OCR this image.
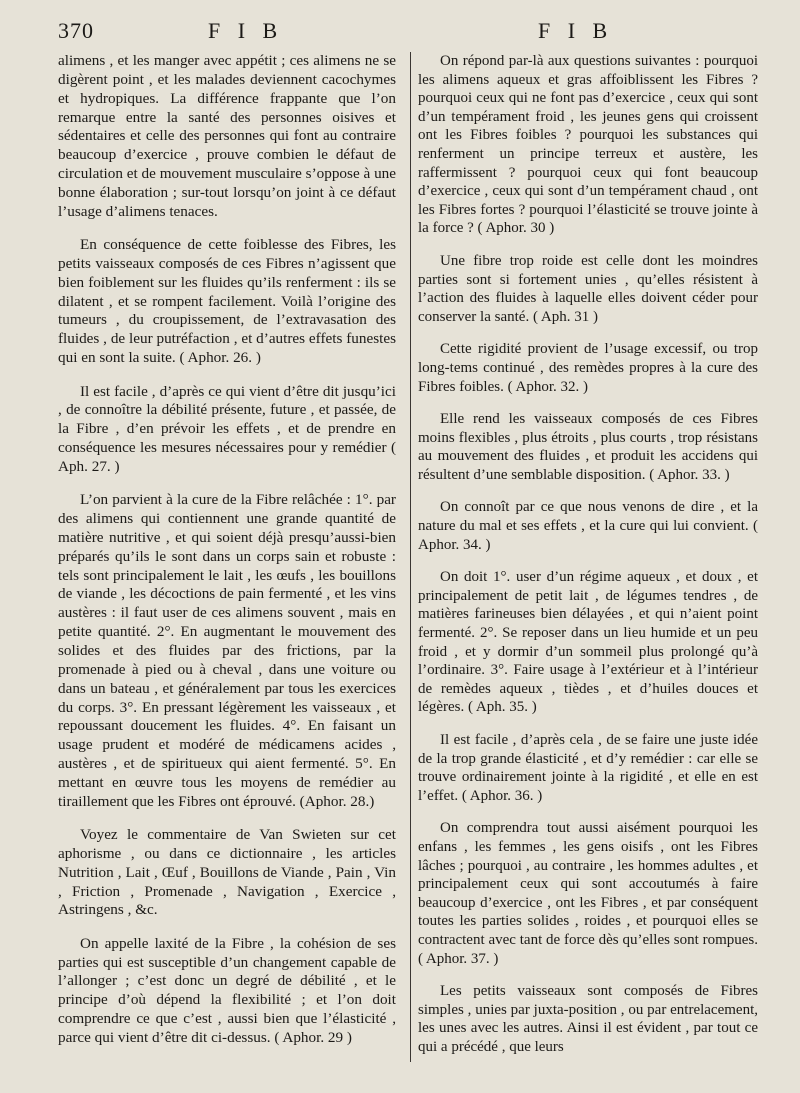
370	F I B	F I B

alimens , et les manger avec appétit ; ces alimens ne se digèrent point , et les malades deviennent cacochymes et hydropiques. La différence frappante que l’on remarque entre la santé des personnes oisives et sédentaires et celle des personnes qui font au contraire beaucoup d’exercice , prouve combien le défaut de circulation et de mouvement musculaire s’oppose à une bonne élaboration ; sur-tout lorsqu’on joint à ce défaut l’usage d’alimens tenaces.

En conséquence de cette foiblesse des Fibres, les petits vaisseaux composés de ces Fibres n’agissent que bien foiblement sur les fluides qu’ils renferment : ils se dilatent , et se rompent facilement. Voilà l’origine des tumeurs , du croupissement, de l’extravasation des fluides , de leur putréfaction , et d’autres effets funestes qui en sont la suite. ( Aphor. 26. )

Il est facile , d’après ce qui vient d’être dit jusqu’ici , de connoître la débilité présente, future , et passée, de la Fibre , d’en prévoir les effets , et de prendre en conséquence les mesures nécessaires pour y remédier ( Aph. 27. )

L’on parvient à la cure de la Fibre relâchée : 1°. par des alimens qui contiennent une grande quantité de matière nutritive , et qui soient déjà presqu’aussi-bien préparés qu’ils le sont dans un corps sain et robuste : tels sont principalement le lait , les œufs , les bouillons de viande , les décoctions de pain fermenté , et les vins austères : il faut user de ces alimens souvent , mais en petite quantité. 2°. En augmentant le mouvement des solides et des fluides par des frictions, par la promenade à pied ou à cheval , dans une voiture ou dans un bateau , et généralement par tous les exercices du corps. 3°. En pressant légèrement les vaisseaux , et repoussant doucement les fluides. 4°. En faisant un usage prudent et modéré de médicamens acides , austères , et de spiritueux qui aient fermenté. 5°. En mettant en œuvre tous les moyens de remédier au tiraillement que les Fibres ont éprouvé. (Aphor. 28.)

Voyez le commentaire de Van Swieten sur cet aphorisme , ou dans ce dictionnaire , les articles Nutrition , Lait , Œuf , Bouillons de Viande , Pain , Vin , Friction , Promenade , Navigation , Exercice , Astringens , &c.

On appelle laxité de la Fibre , la cohésion de ses parties qui est susceptible d’un changement capable de l’allonger ; c’est donc un degré de débilité , et le principe d’où dépend la flexibilité ; et l’on doit comprendre ce que c’est , aussi bien que l’élasticité , parce qui vient d’être dit ci-dessus. ( Aphor. 29 )

On répond par-là aux questions suivantes : pourquoi les alimens aqueux et gras affoiblissent les Fibres ? pourquoi ceux qui ne font pas d’exercice , ceux qui sont d’un tempérament froid , les jeunes gens qui croissent ont les Fibres foibles ? pourquoi les substances qui renferment un principe terreux et austère, les raffermissent ? pourquoi ceux qui font beaucoup d’exercice , ceux qui sont d’un tempérament chaud , ont les Fibres fortes ? pourquoi l’élasticité se trouve jointe à la force ? ( Aphor. 30 )

Une fibre trop roide est celle dont les moindres parties sont si fortement unies , qu’elles résistent à l’action des fluides à laquelle elles doivent céder pour conserver la santé. ( Aph. 31 )

Cette rigidité provient de l’usage excessif, ou trop long-tems continué , des remèdes propres à la cure des Fibres foibles. ( Aphor. 32. )

Elle rend les vaisseaux composés de ces Fibres moins flexibles , plus étroits , plus courts , trop résistans au mouvement des fluides , et produit les accidens qui résultent d’une semblable disposition. ( Aphor. 33. )

On connoît par ce que nous venons de dire , et la nature du mal et ses effets , et la cure qui lui convient. ( Aphor. 34. )

On doit 1°. user d’un régime aqueux , et doux , et principalement de petit lait , de légumes tendres , de matières farineuses bien délayées , et qui n’aient point fermenté. 2°. Se reposer dans un lieu humide et un peu froid , et y dormir d’un sommeil plus prolongé qu’à l’ordinaire. 3°. Faire usage à l’extérieur et à l’intérieur de remèdes aqueux , tièdes , et d’huiles douces et légères. ( Aph. 35. )

Il est facile , d’après cela , de se faire une juste idée de la trop grande élasticité , et d’y remédier : car elle se trouve ordinairement jointe à la rigidité , et elle en est l’effet. ( Aphor. 36. )

On comprendra tout aussi aisément pourquoi les enfans , les femmes , les gens oisifs , ont les Fibres lâches ; pourquoi , au contraire , les hommes adultes , et principalement ceux qui sont accoutumés à faire beaucoup d’exercice , ont les Fibres , et par conséquent toutes les parties solides , roides , et pourquoi elles se contractent avec tant de force dès qu’elles sont rompues. ( Aphor. 37. )

Les petits vaisseaux sont composés de Fibres simples , unies par juxta-position , ou par entrelacement, les unes avec les autres. Ainsi il est évident , par tout ce qui a précédé , que leurs
